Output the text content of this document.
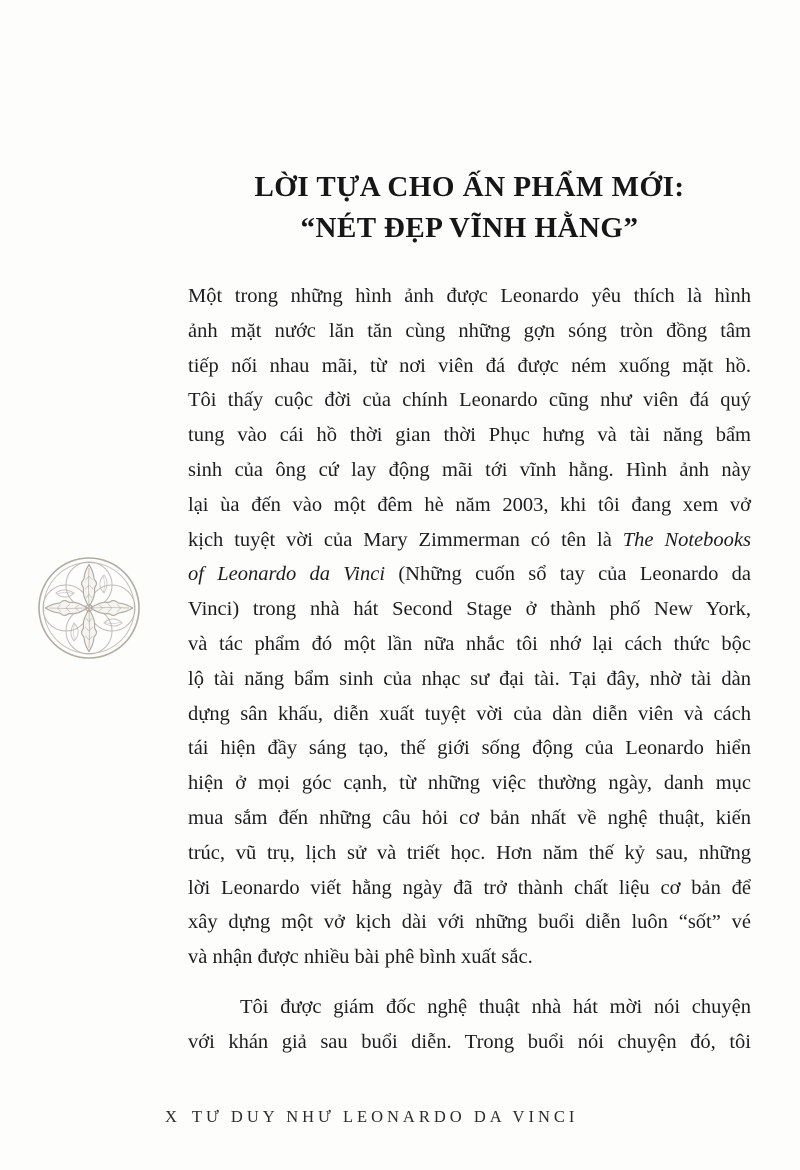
LỜI TỰA CHO ẤN PHẨM MỚI:
“NÉT ĐẸP VĨNH HẰNG”
Một trong những hình ảnh được Leonardo yêu thích là hình
ảnh mặt nước lăn tăn cùng những gợn sóng tròn đồng tâm
tiếp nối nhau mãi, từ nơi viên đá được ném xuống mặt hồ.
Tôi thấy cuộc đời của chính Leonardo cũng như viên đá quý
tung vào cái hồ thời gian thời Phục hưng và tài năng bẩm
sinh của ông cứ lay động mãi tới vĩnh hằng. Hình ảnh này
lại ùa đến vào một đêm hè năm 2003, khi tôi đang xem vở
kịch tuyệt vời của Mary Zimmerman có tên là The Notebooks
of Leonardo da Vinci (Những cuốn sổ tay của Leonardo da
Vinci) trong nhà hát Second Stage ở thành phố New York,
và tác phẩm đó một lần nữa nhắc tôi nhớ lại cách thức bộc
lộ tài năng bẩm sinh của nhạc sư đại tài. Tại đây, nhờ tài dàn
dựng sân khấu, diễn xuất tuyệt vời của dàn diễn viên và cách
tái hiện đầy sáng tạo, thế giới sống động của Leonardo hiển
hiện ở mọi góc cạnh, từ những việc thường ngày, danh mục
mua sắm đến những câu hỏi cơ bản nhất về nghệ thuật, kiến
trúc, vũ trụ, lịch sử và triết học. Hơn năm thế kỷ sau, những
lời Leonardo viết hằng ngày đã trở thành chất liệu cơ bản để
xây dựng một vở kịch dài với những buổi diễn luôn “sốt” vé
và nhận được nhiều bài phê bình xuất sắc.
Tôi được giám đốc nghệ thuật nhà hát mời nói chuyện
với khán giả sau buổi diễn. Trong buổi nói chuyện đó, tôi
X TƯ DUY NHƯ LEONARDO DA VINCI
